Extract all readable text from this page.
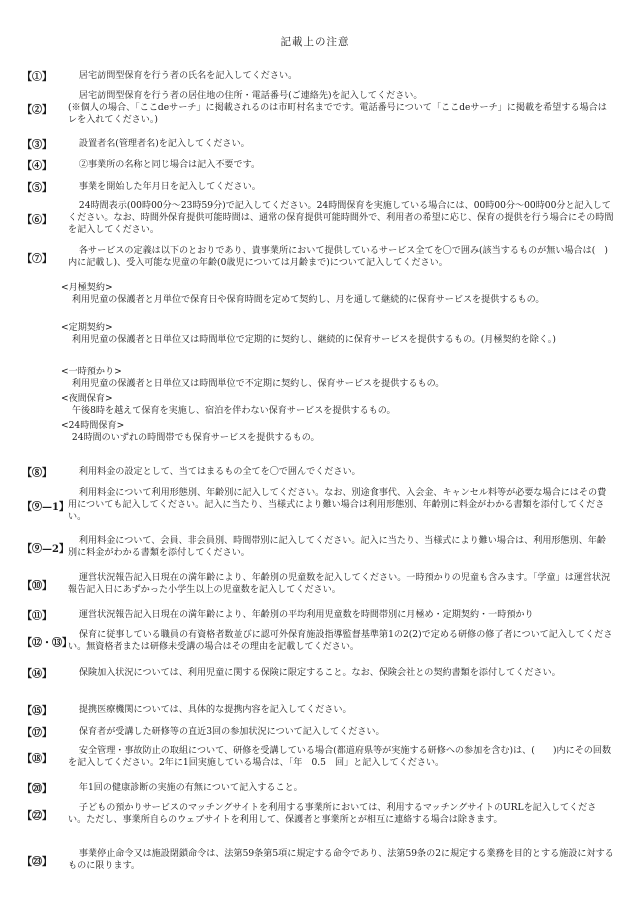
記載上の注意
【①】	居宅訪問型保育を行う者の氏名を記入してください。
【②】

居宅訪問型保育を行う者の居住地の住所・電話番号(ご連絡先)を記入してください。

(※個人の場合、「ここdeサーチ」に掲載されるのは市町村名までです。電話番号について「ここdeサーチ」に掲載を希望する場合はレを入れてください。)

【③】	設置者名(管理者名)を記入してください。
【④】	②事業所の名称と同じ場合は記入不要です。
【⑤】	事業を開始した年月日を記入してください。
【⑥】
24時間表示(00時00分～23時59分)で記入してください。24時間保育を実施している場合には、00時00分～00時00分と記入してください。なお、時間外保育提供可能時間は、通常の保育提供可能時間外で、利用者の希望に応じ、保育の提供を行う場合にその時間を記入してください。
【⑦】
各サービスの定義は以下のとおりであり、貴事業所において提供しているサービス全てを〇で囲み(該当するものが無い場合は(　)内に記載し)、受入可能な児童の年齢(0歳児については月齢まで)について記入してください。
<月極契約>
利用児童の保護者と月単位で保育日や保育時間を定めて契約し、月を通して継続的に保育サービスを提供するもの。
<定期契約>
利用児童の保護者と日単位又は時間単位で定期的に契約し、継続的に保育サービスを提供するもの。(月極契約を除く。)
<一時預かり>
利用児童の保護者と日単位又は時間単位で不定期に契約し、保育サービスを提供するもの。
<夜間保育>
午後8時を越えて保育を実施し、宿泊を伴わない保育サービスを提供するもの。
<24時間保育>
24時間のいずれの時間帯でも保育サービスを提供するもの。
【⑧】	利用料金の設定として、当てはまるもの全てを〇で囲んでください。
【⑨—1】
利用料金について利用形態別、年齢別に記入してください。なお、別途食事代、入会金、キャンセル料等が必要な場合にはその費用についても記入してください。記入に当たり、当様式により難い場合は利用形態別、年齢別に料金がわかる書類を添付してください。
【⑨—2】
利用料金について、会員、非会員別、時間帯別に記入してください。記入に当たり、当様式により難い場合は、利用形態別、年齢別に料金がわかる書類を添付してください。
【⑩】
運営状況報告記入日現在の満年齢により、年齢別の児童数を記入してください。一時預かりの児童も含みます。「学童」は運営状況報告記入日にあずかった小学生以上の児童数を記入してください。
【⑪】	運営状況報告記入日現在の満年齢により、年齢別の平均利用児童数を時間帯別に月極め・定期契約・一時預かり
【⑫・⑬】
保育に従事している職員の有資格者数並びに認可外保育施設指導監督基準第1の2(2)で定める研修の修了者について記入してください。無資格者または研修未受講の場合はその理由を記載してください。
【⑭】	保険加入状況については、利用児童に関する保険に限定すること。なお、保険会社との契約書類を添付してください。
【⑮】	提携医療機関については、具体的な提携内容を記入してください。
【⑰】	保育者が受講した研修等の直近3回の参加状況について記入してください。
【⑱】
安全管理・事故防止の取組について、研修を受講している場合(都道府県等が実施する研修への参加を含む)は、(　　)内にその回数を記入してください。2年に1回実施している場合は、「年　0.5　回」と記入してください。
【⑳】	年1回の健康診断の実施の有無について記入すること。
【㉒】
子どもの預かりサービスのマッチングサイトを利用する事業所においては、利用するマッチングサイトのURLを記入してください。ただし、事業所自らのウェブサイトを利用して、保護者と事業所とが相互に連絡する場合は除きます。
【㉓】
事業停止命令又は施設閉鎖命令は、法第59条第5項に規定する命令であり、法第59条の2に規定する業務を目的とする施設に対するものに限ります。
